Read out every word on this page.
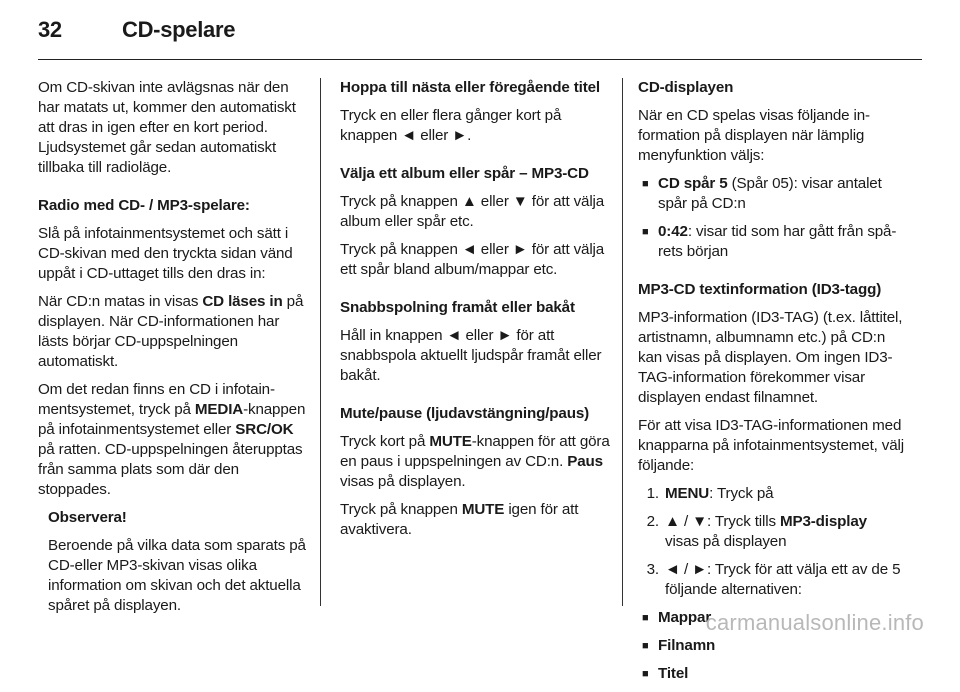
32	CD-spelare

Om CD-skivan inte avlägsnas när den har matats ut, kommer den automatiskt att dras in igen efter en kort period. Ljudsystemet går sedan automatiskt tillbaka till radioläge.

Radio med CD- / MP3-spelare:

Slå på infotainmentsystemet och sätt i CD-skivan med den tryckta sidan vänd uppåt i CD-uttaget tills den dras in:

När CD:n matas in visas CD läses in på displayen. När CD-informationen har lästs börjar CD-uppspelningen automatiskt.

Om det redan finns en CD i infotainmentsystemet, tryck på MEDIA-knappen på infotainmentsystemet eller SRC/OK på ratten. CD-uppspelningen återupptas från samma plats som där den stoppades.

Observera!

Beroende på vilka data som sparats på CD-eller MP3-skivan visas olika information om skivan och det aktuella spåret på displayen.

Hoppa till nästa eller föregående titel

Tryck en eller flera gånger kort på knappen ◄ eller ►.

Välja ett album eller spår – MP3-CD

Tryck på knappen ▲ eller ▼ för att välja album eller spår etc.

Tryck på knappen ◄ eller ► för att välja ett spår bland album/mappar etc.

Snabbspolning framåt eller bakåt

Håll in knappen ◄ eller ► för att snabbspola aktuellt ljudspår framåt eller bakåt.

Mute/pause (ljudavstängning/paus)

Tryck kort på MUTE-knappen för att göra en paus i uppspelningen av CD:n. Paus visas på displayen.

Tryck på knappen MUTE igen för att avaktivera.

CD-displayen

När en CD spelas visas följande information på displayen när lämplig menyfunktion väljs:

■ CD spår 5 (Spår 05): visar antalet spår på CD:n
■ 0:42: visar tid som har gått från spårets början

MP3-CD textinformation (ID3-tagg)

MP3-information (ID3-TAG) (t.ex. låttitel, artistnamn, albumnamn etc.) på CD:n kan visas på displayen. Om ingen ID3-TAG-information förekommer visar displayen endast filnamnet.

För att visa ID3-TAG-informationen med knapparna på infotainmentsystemet, välj följande:

1. MENU: Tryck på
2. ▲ / ▼: Tryck tills MP3-display visas på displayen
3. ◄ / ►: Tryck för att välja ett av de 5 följande alternativen:
■ Mappar
■ Filnamn
■ Titel
carmanualsonline.info
